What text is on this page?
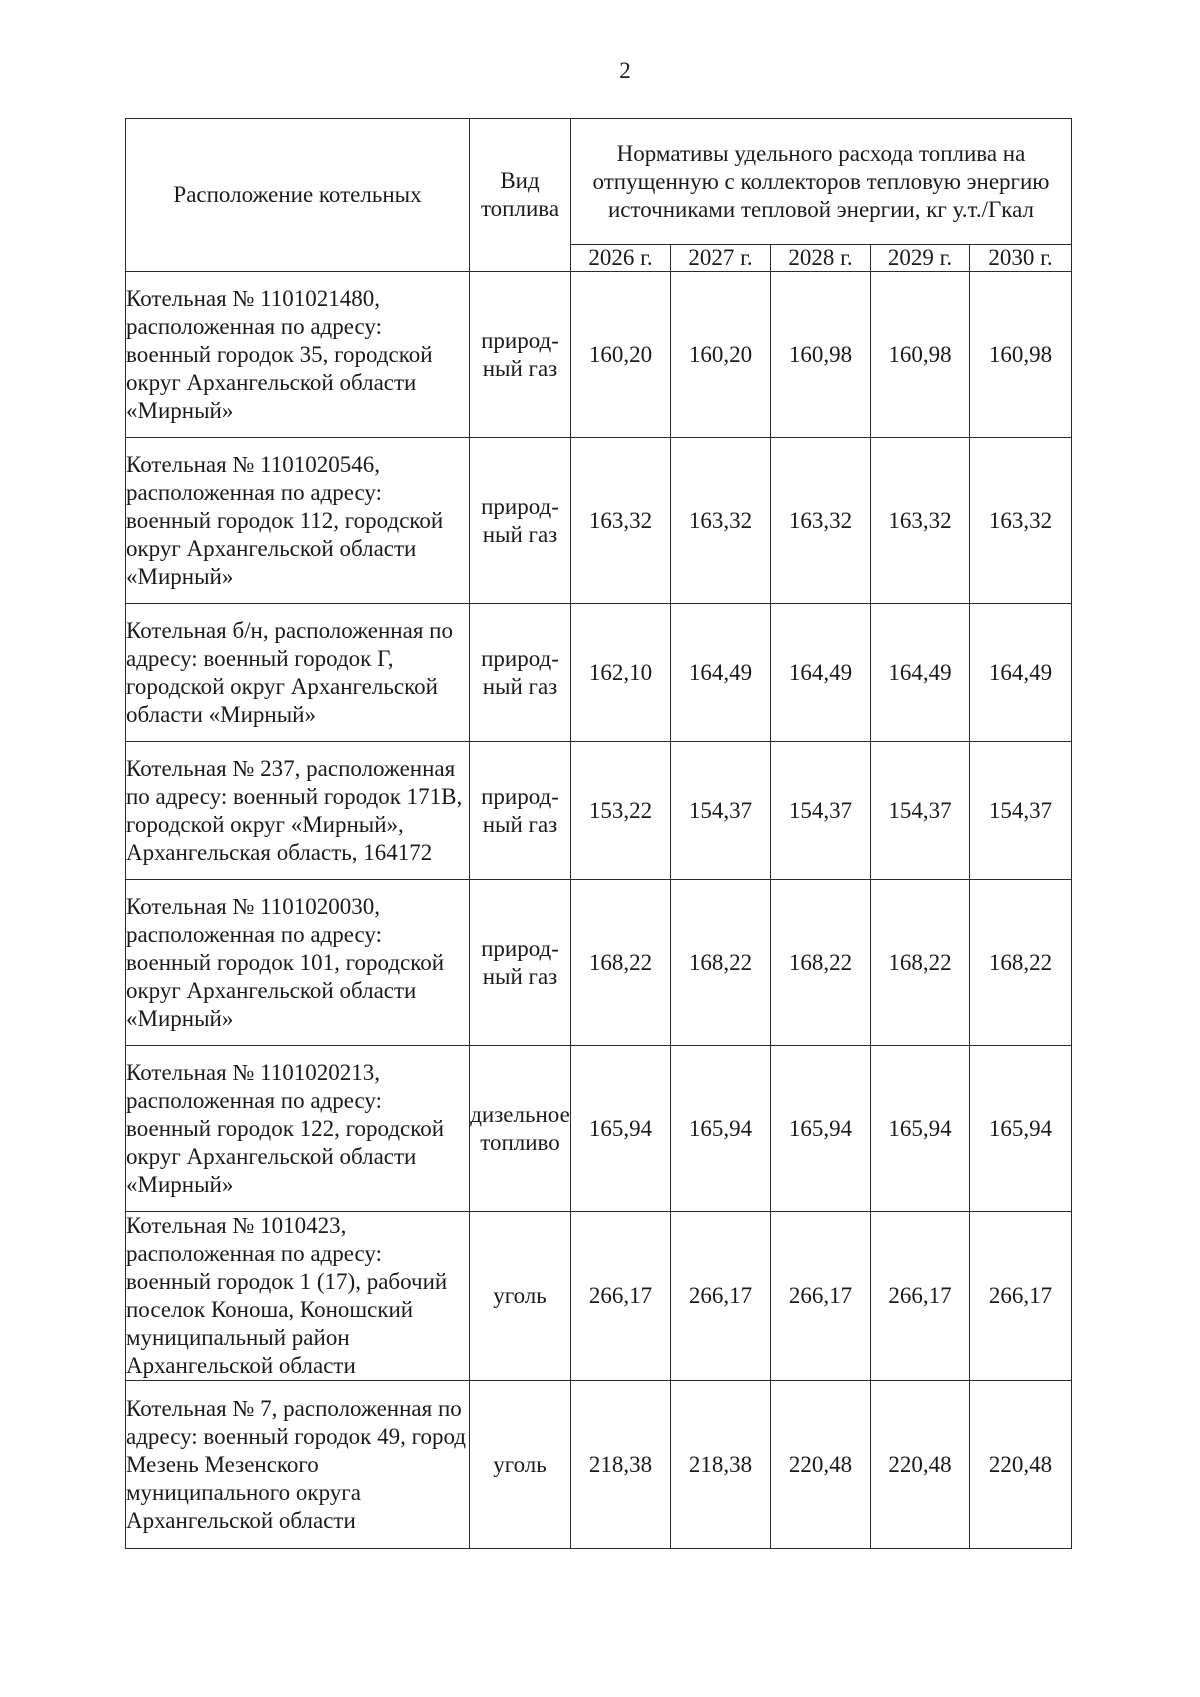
2
Расположение котельных	Вид топлива	Нормативы удельного расхода топлива на отпущенную с коллекторов тепловую энергию источниками тепловой энергии, кг у.т./Гкал				
		2026 г.	2027 г.	2028 г.	2029 г.	2030 г.
Котельная № 1101021480, расположенная по адресу: военный городок 35, городской округ Архангельской области «Мирный»	природ-ный газ	160,20	160,20	160,98	160,98	160,98
Котельная № 1101020546, расположенная по адресу: военный городок 112, городской округ Архангельской области «Мирный»	природ-ный газ	163,32	163,32	163,32	163,32	163,32
Котельная б/н, расположенная по адресу: военный городок Г, городской округ Архангельской области «Мирный»	природ-ный газ	162,10	164,49	164,49	164,49	164,49
Котельная № 237, расположенная по адресу: военный городок 171В, городской округ «Мирный», Архангельская область, 164172	природ-ный газ	153,22	154,37	154,37	154,37	154,37
Котельная № 1101020030, расположенная по адресу: военный городок 101, городской округ Архангельской области «Мирный»	природ-ный газ	168,22	168,22	168,22	168,22	168,22
Котельная № 1101020213, расположенная по адресу: военный городок 122, городской округ Архангельской области «Мирный»	дизельное топливо	165,94	165,94	165,94	165,94	165,94
Котельная № 1010423, расположенная по адресу: военный городок 1 (17), рабочий поселок Коноша, Коношский муниципальный район Архангельской области	уголь	266,17	266,17	266,17	266,17	266,17
Котельная № 7, расположенная по адресу: военный городок 49, город Мезень Мезенского муниципального округа Архангельской области	уголь	218,38	218,38	220,48	220,48	220,48
